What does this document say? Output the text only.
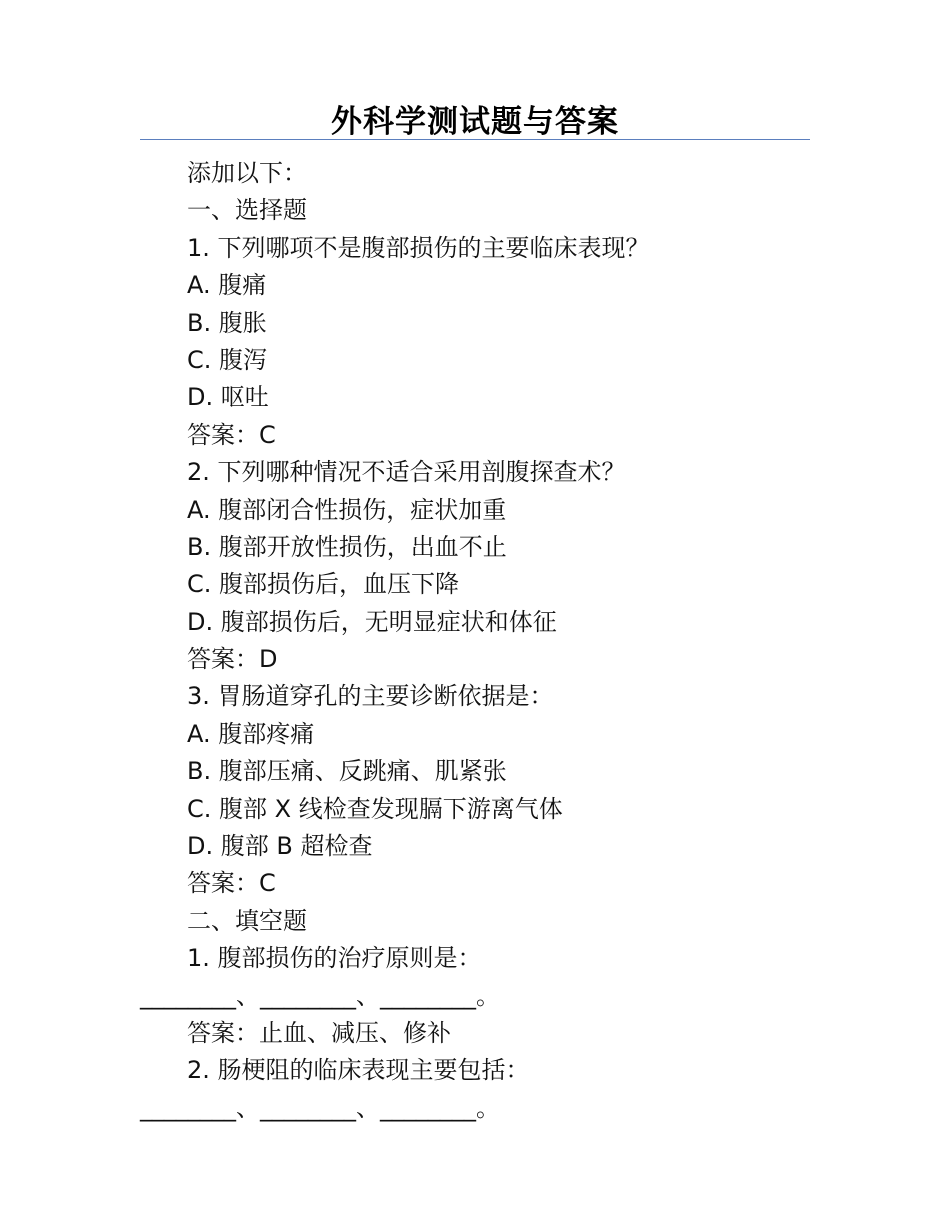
外科学测试题与答案
添加以下：
一、选择题
1. 下列哪项不是腹部损伤的主要临床表现？
A. 腹痛
B. 腹胀
C. 腹泻
D. 呕吐
答案：C
2. 下列哪种情况不适合采用剖腹探查术？
A. 腹部闭合性损伤，症状加重
B. 腹部开放性损伤，出血不止
C. 腹部损伤后，血压下降
D. 腹部损伤后，无明显症状和体征
答案：D
3. 胃肠道穿孔的主要诊断依据是：
A. 腹部疼痛
B. 腹部压痛、反跳痛、肌紧张
C. 腹部 X 线检查发现膈下游离气体
D. 腹部 B 超检查
答案：C
二、填空题
1. 腹部损伤的治疗原则是：
________、________、________。
答案：止血、减压、修补
2. 肠梗阻的临床表现主要包括：
________、________、________。
